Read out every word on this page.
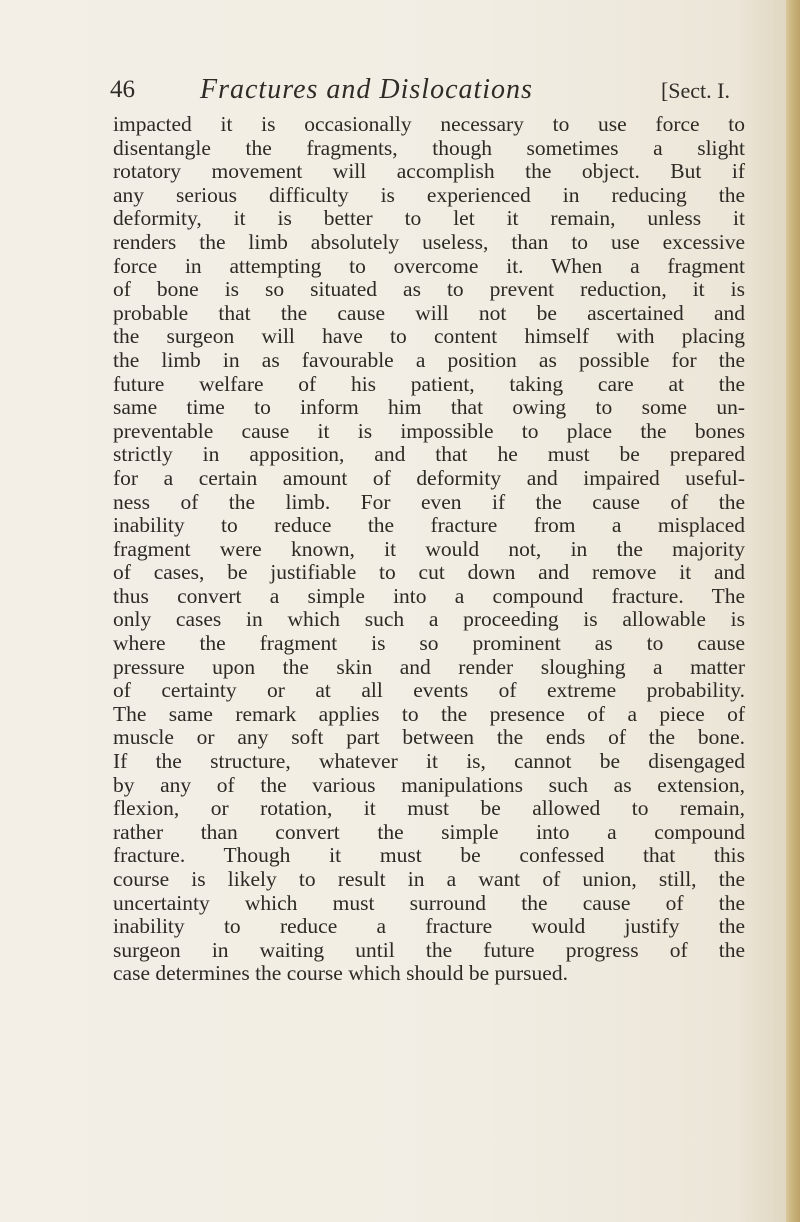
46 Fractures and Dislocations	[Sect. I.
impacted it is occasionally necessary to use force to
disentangle the fragments, though sometimes a slight
rotatory movement will accomplish the object. But if
any serious difficulty is experienced in reducing the
deformity, it is better to let it remain, unless it
renders the limb absolutely useless, than to use excessive
force in attempting to overcome it. When a fragment
of bone is so situated as to prevent reduction, it is
probable that the cause will not be ascertained and
the surgeon will have to content himself with placing
the limb in as favourable a position as possible for the
future welfare of his patient, taking care at the
same time to inform him that owing to some un-
preventable cause it is impossible to place the bones
strictly in apposition, and that he must be prepared
for a certain amount of deformity and impaired useful-
ness of the limb. For even if the cause of the
inability to reduce the fracture from a misplaced
fragment were known, it would not, in the majority
of cases, be justifiable to cut down and remove it and
thus convert a simple into a compound fracture. The
only cases in which such a proceeding is allowable is
where the fragment is so prominent as to cause
pressure upon the skin and render sloughing a matter
of certainty or at all events of extreme probability.
The same remark applies to the presence of a piece of
muscle or any soft part between the ends of the bone.
If the structure, whatever it is, cannot be disengaged
by any of the various manipulations such as extension,
flexion, or rotation, it must be allowed to remain,
rather than convert the simple into a compound
fracture. Though it must be confessed that this
course is likely to result in a want of union, still, the
uncertainty which must surround the cause of the
inability to reduce a fracture would justify the
surgeon in waiting until the future progress of the
case determines the course which should be pursued.
